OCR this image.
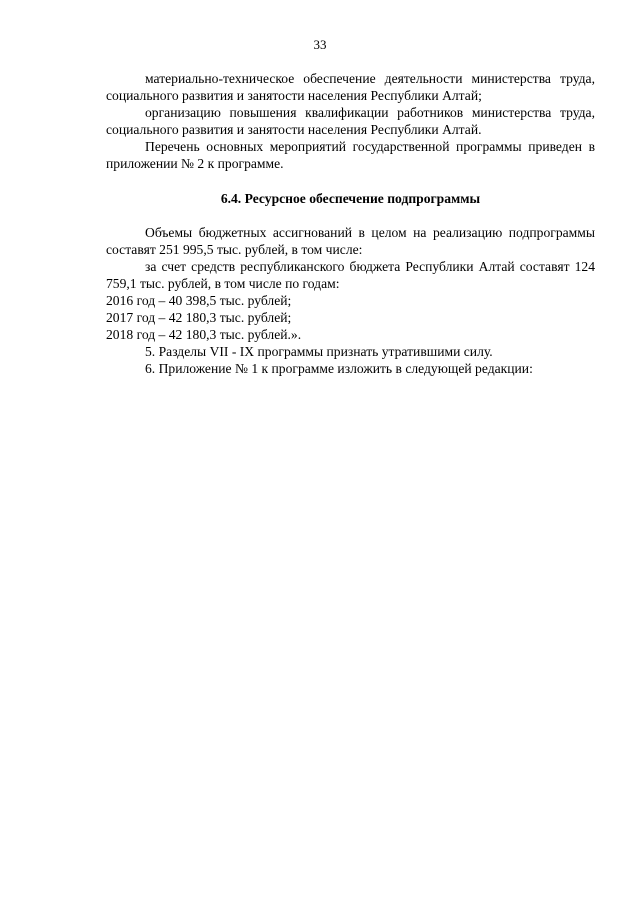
33

материально-техническое обеспечение деятельности министерства труда, социального развития и занятости населения Республики Алтай;

организацию повышения квалификации работников министерства труда, социального развития и занятости населения Республики Алтай.

Перечень основных мероприятий государственной программы приведен в приложении № 2 к программе.

6.4. Ресурсное обеспечение подпрограммы

Объемы бюджетных ассигнований в целом на реализацию подпрограммы составят 251 995,5 тыс. рублей, в том числе:

за счет средств республиканского бюджета Республики Алтай составят 124 759,1 тыс. рублей, в том числе по годам:

2016 год – 40 398,5 тыс. рублей;

2017 год – 42 180,3 тыс. рублей;

2018 год – 42 180,3 тыс. рублей.».

5. Разделы VII - IX программы признать утратившими силу.

6. Приложение № 1 к программе изложить в следующей редакции:
